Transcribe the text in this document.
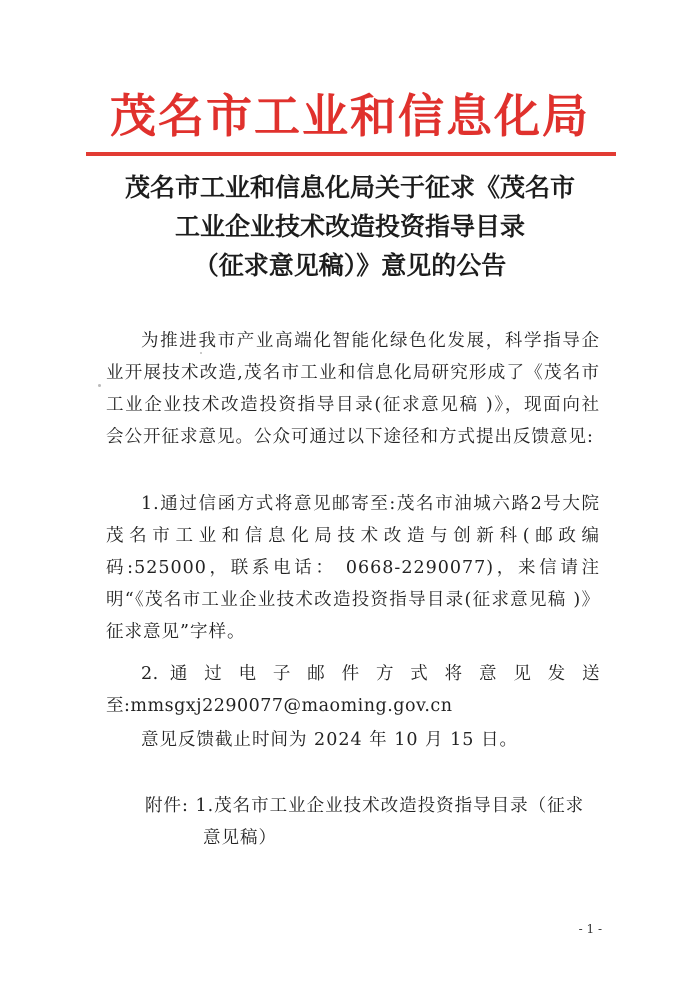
茂名市工业和信息化局
茂名市工业和信息化局关于征求《茂名市
工业企业技术改造投资指导目录
（征求意见稿）》意见的公告
为推进我市产业高端化智能化绿色化发展，科学指导企业开展技术改造,茂名市工业和信息化局研究形成了《茂名市工业企业技术改造投资指导目录(征求意见稿 )》，现面向社会公开征求意见。公众可通过以下途径和方式提出反馈意见:
1.通过信函方式将意见邮寄至:茂名市油城六路2号大院茂名市工业和信息化局技术改造与创新科(邮政编码:525000，联系电话： 0668-2290077)，来信请注明“《茂名市工业企业技术改造投资指导目录(征求意见稿 )》征求意见”字样。
2. 通 过 电 子 邮 件 方 式 将 意 见 发 送至:mmsgxj2290077@maoming.gov.cn
意见反馈截止时间为 2024 年 10 月 15 日。
附件: 1.茂名市工业企业技术改造投资指导目录（征求
意见稿）
- 1 -
